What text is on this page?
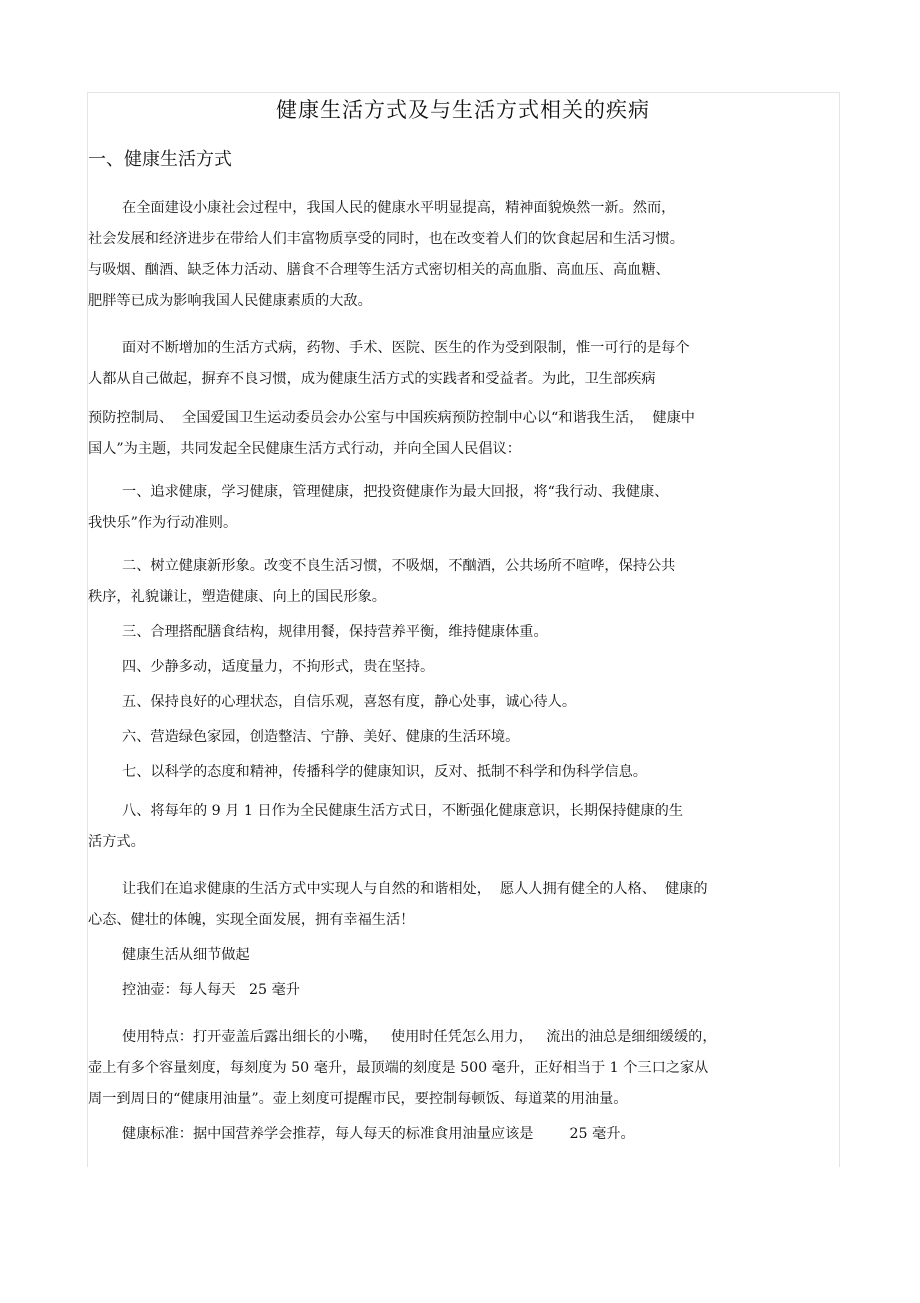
健康生活方式及与生活方式相关的疾病
一、健康生活方式

在全面建设小康社会过程中，我国人民的健康水平明显提高，精神面貌焕然一新。然而，
社会发展和经济进步在带给人们丰富物质享受的同时，也在改变着人们的饮食起居和生活习惯。
与吸烟、酗酒、缺乏体力活动、膳食不合理等生活方式密切相关的高血脂、高血压、高血糖、
肥胖等已成为影响我国人民健康素质的大敌。

面对不断增加的生活方式病，药物、手术、医院、医生的作为受到限制，惟一可行的是每个
人都从自己做起，摒弃不良习惯，成为健康生活方式的实践者和受益者。为此，卫生部疾病

预防控制局、  全国爱国卫生运动委员会办公室与中国疾病预防控制中心以“和谐我生活，  健康中
国人”为主题，共同发起全民健康生活方式行动，并向全国人民倡议：

一、追求健康，学习健康，管理健康，把投资健康作为最大回报，将“我行动、我健康、
我快乐”作为行动准则。

二、树立健康新形象。改变不良生活习惯，不吸烟，不酗酒，公共场所不喧哗，保持公共
秩序，礼貌谦让，塑造健康、向上的国民形象。

三、合理搭配膳食结构，规律用餐，保持营养平衡，维持健康体重。

四、少静多动，适度量力，不拘形式，贵在坚持。

五、保持良好的心理状态，自信乐观，喜怒有度，静心处事，诚心待人。

六、营造绿色家园，创造整洁、宁静、美好、健康的生活环境。

七、以科学的态度和精神，传播科学的健康知识，反对、抵制不科学和伪科学信息。

八、将每年的 9 月 1 日作为全民健康生活方式日，不断强化健康意识，长期保持健康的生
活方式。

让我们在追求健康的生活方式中实现人与自然的和谐相处，  愿人人拥有健全的人格、  健康的
心态、健壮的体魄，实现全面发展，拥有幸福生活！

健康生活从细节做起

控油壶：每人每天   25 毫升

使用特点：打开壶盖后露出细长的小嘴，   使用时任凭怎么用力，   流出的油总是细细缓缓的，
壶上有多个容量刻度，每刻度为 50 毫升，最顶端的刻度是 500 毫升，正好相当于 1 个三口之家从
周一到周日的“健康用油量”。壶上刻度可提醒市民，要控制每顿饭、每道菜的用油量。

健康标准：据中国营养学会推荐，每人每天的标准食用油量应该是        25 毫升。
